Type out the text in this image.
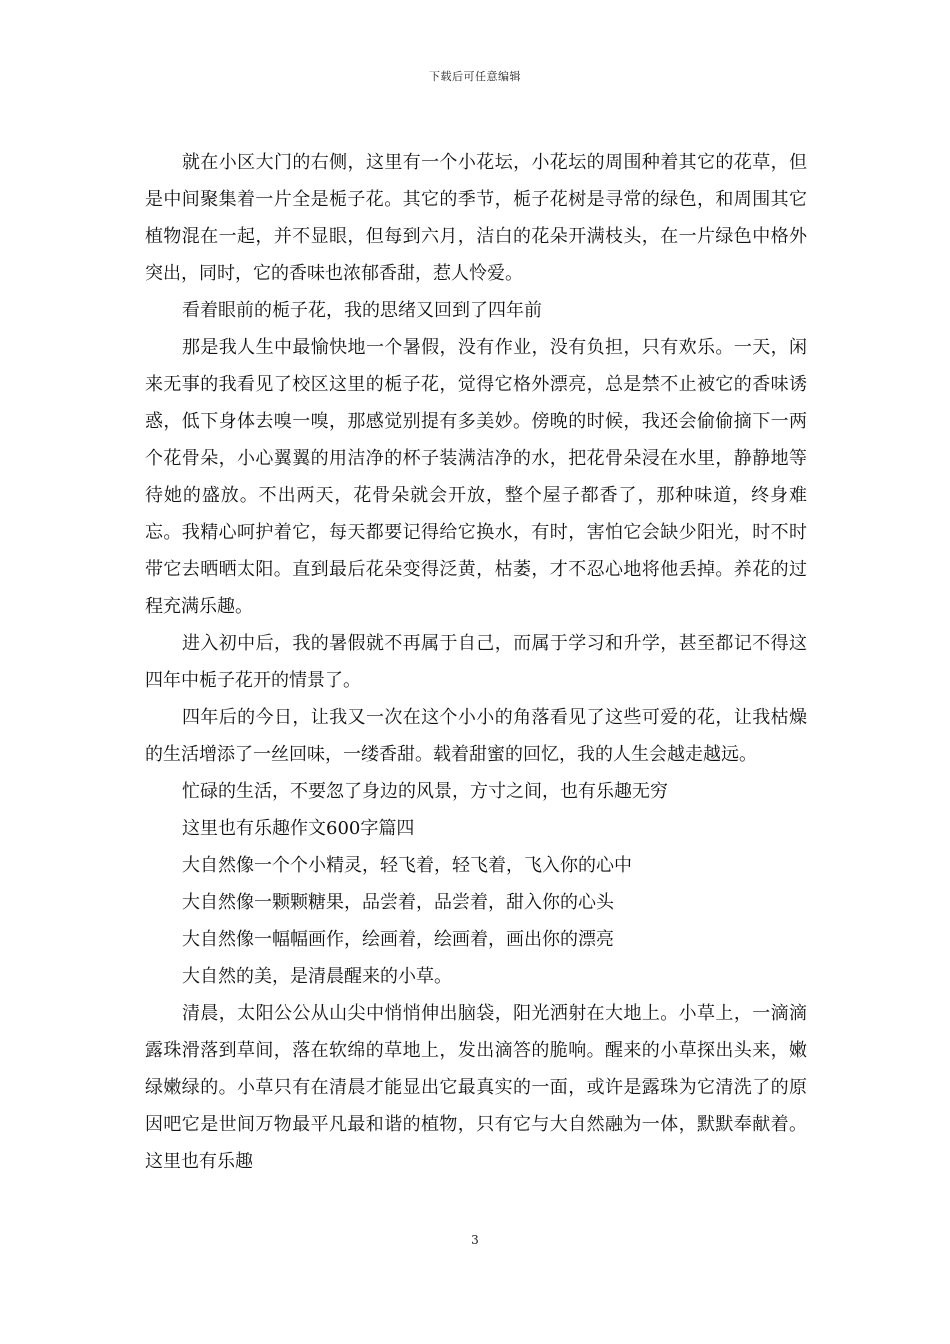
下载后可任意编辑

就在小区大门的右侧，这里有一个小花坛，小花坛的周围种着其它的花草，但是中间聚集着一片全是栀子花。其它的季节，栀子花树是寻常的绿色，和周围其它植物混在一起，并不显眼，但每到六月，洁白的花朵开满枝头，在一片绿色中格外突出，同时，它的香味也浓郁香甜，惹人怜爱。

看着眼前的栀子花，我的思绪又回到了四年前

那是我人生中最愉快地一个暑假，没有作业，没有负担，只有欢乐。一天，闲来无事的我看见了校区这里的栀子花，觉得它格外漂亮，总是禁不止被它的香味诱惑，低下身体去嗅一嗅，那感觉别提有多美妙。傍晚的时候，我还会偷偷摘下一两个花骨朵，小心翼翼的用洁净的杯子装满洁净的水，把花骨朵浸在水里，静静地等待她的盛放。不出两天，花骨朵就会开放，整个屋子都香了，那种味道，终身难忘。我精心呵护着它，每天都要记得给它换水，有时，害怕它会缺少阳光，时不时带它去晒晒太阳。直到最后花朵变得泛黄，枯萎，才不忍心地将他丢掉。养花的过程充满乐趣。

进入初中后，我的暑假就不再属于自己，而属于学习和升学，甚至都记不得这四年中栀子花开的情景了。

四年后的今日，让我又一次在这个小小的角落看见了这些可爱的花，让我枯燥的生活增添了一丝回味，一缕香甜。载着甜蜜的回忆，我的人生会越走越远。

忙碌的生活，不要忽了身边的风景，方寸之间，也有乐趣无穷

这里也有乐趣作文600字篇四

大自然像一个个小精灵，轻飞着，轻飞着，飞入你的心中

大自然像一颗颗糖果，品尝着，品尝着，甜入你的心头

大自然像一幅幅画作，绘画着，绘画着，画出你的漂亮

大自然的美，是清晨醒来的小草。

清晨，太阳公公从山尖中悄悄伸出脑袋，阳光洒射在大地上。小草上，一滴滴露珠滑落到草间，落在软绵的草地上，发出滴答的脆响。醒来的小草探出头来，嫩绿嫩绿的。小草只有在清晨才能显出它最真实的一面，或许是露珠为它清洗了的原因吧它是世间万物最平凡最和谐的植物，只有它与大自然融为一体，默默奉献着。这里也有乐趣

3
